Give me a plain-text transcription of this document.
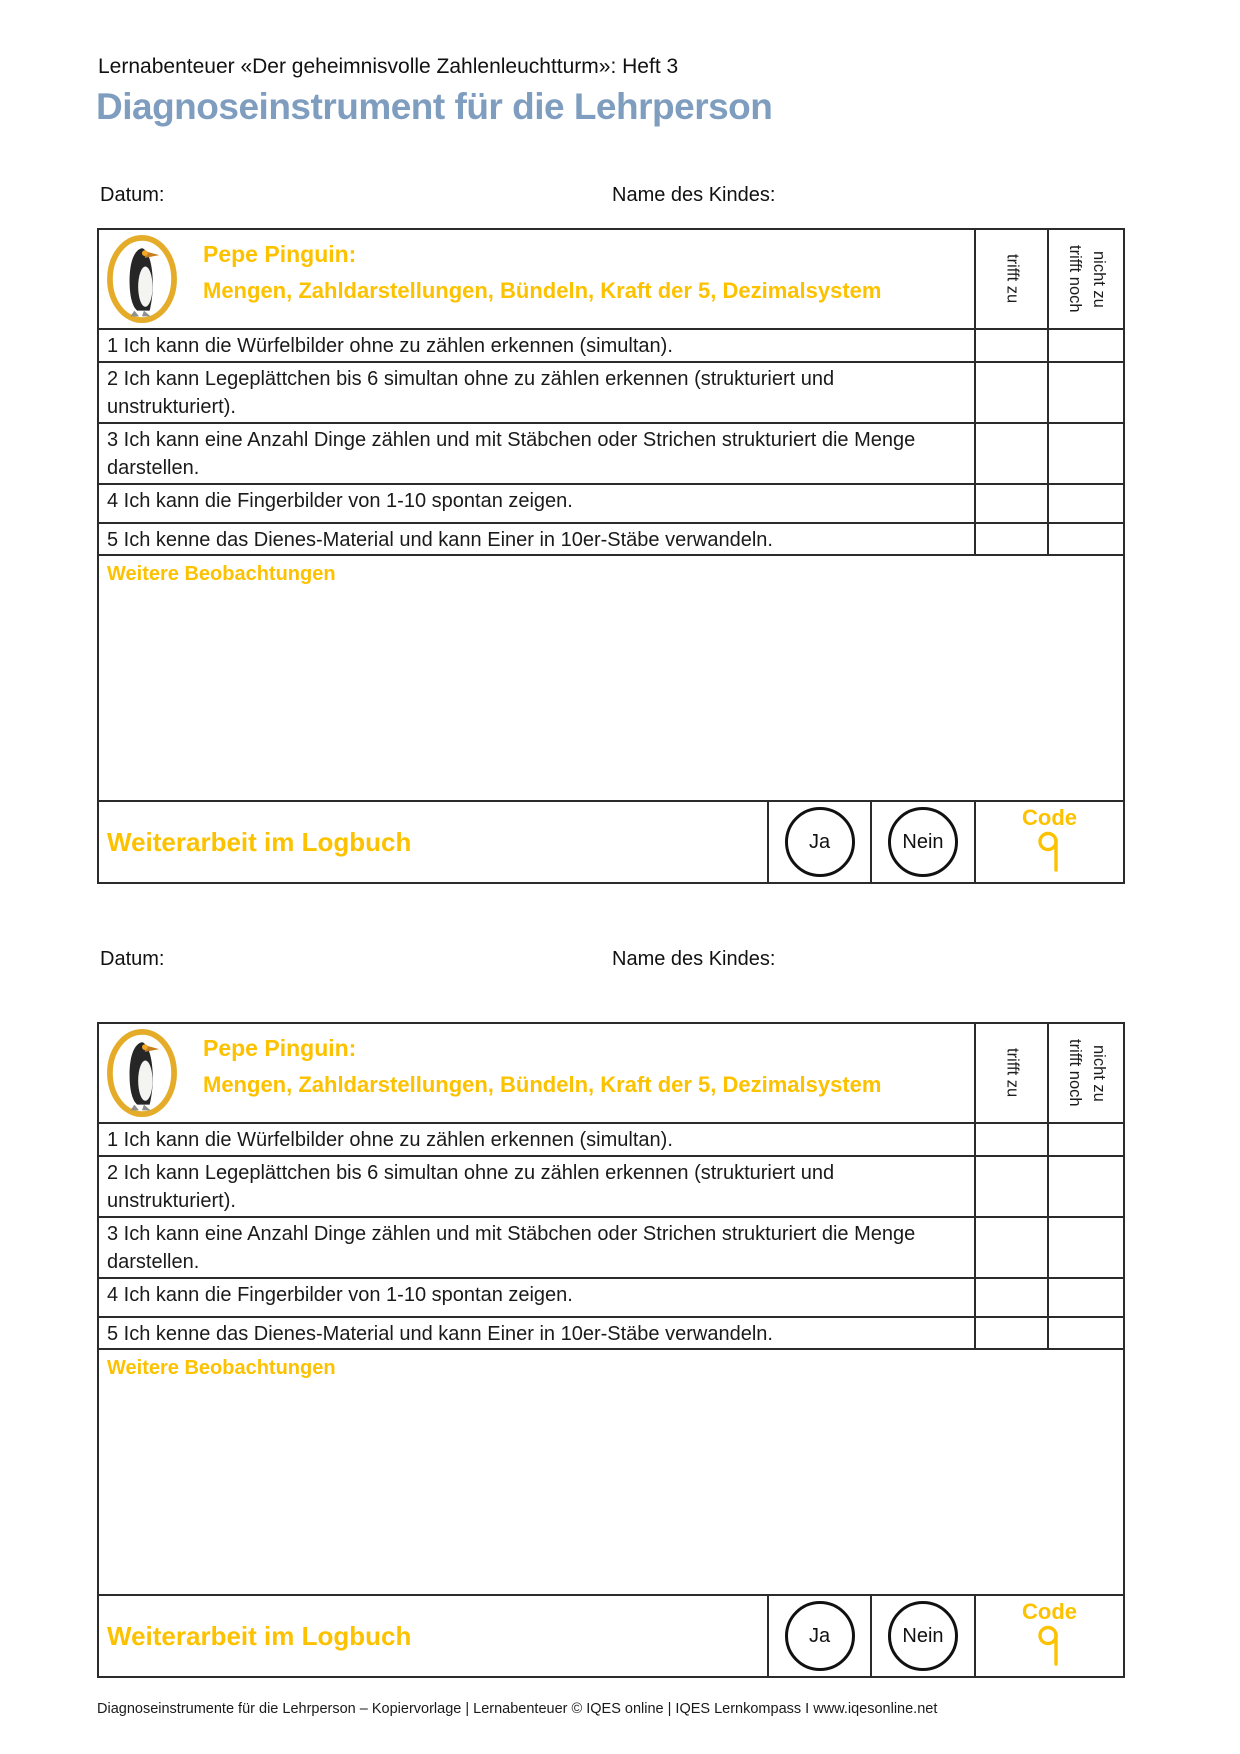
Lernabenteuer «Der geheimnisvolle Zahlenleuchtturm»: Heft 3
Diagnoseinstrument für die Lehrperson
Datum:	Name des Kindes:
Pepe Pinguin:
Mengen, Zahldarstellungen, Bündeln, Kraft der 5, Dezimalsystem	trifft zu	trifft noch nicht zu
1 Ich kann die Würfelbilder ohne zu zählen erkennen (simultan).
2 Ich kann Legeplättchen bis 6 simultan ohne zu zählen erkennen (strukturiert und unstrukturiert).
3 Ich kann eine Anzahl Dinge zählen und mit Stäbchen oder Strichen strukturiert die Menge darstellen.
4 Ich kann die Fingerbilder von 1-10 spontan zeigen.
5 Ich kenne das Dienes-Material und kann Einer in 10er-Stäbe verwandeln.
Weitere Beobachtungen
Weiterarbeit im Logbuch	Ja	Nein
Code
Datum:	Name des Kindes:
Pepe Pinguin:
Mengen, Zahldarstellungen, Bündeln, Kraft der 5, Dezimalsystem	trifft zu	trifft noch nicht zu
1 Ich kann die Würfelbilder ohne zu zählen erkennen (simultan).
2 Ich kann Legeplättchen bis 6 simultan ohne zu zählen erkennen (strukturiert und unstrukturiert).
3 Ich kann eine Anzahl Dinge zählen und mit Stäbchen oder Strichen strukturiert die Menge darstellen.
4 Ich kann die Fingerbilder von 1-10 spontan zeigen.
5 Ich kenne das Dienes-Material und kann Einer in 10er-Stäbe verwandeln.
Weitere Beobachtungen
Weiterarbeit im Logbuch	Ja	Nein
Code
Diagnoseinstrumente für die Lehrperson – Kopiervorlage | Lernabenteuer © IQES online | IQES Lernkompass I www.iqesonline.net
